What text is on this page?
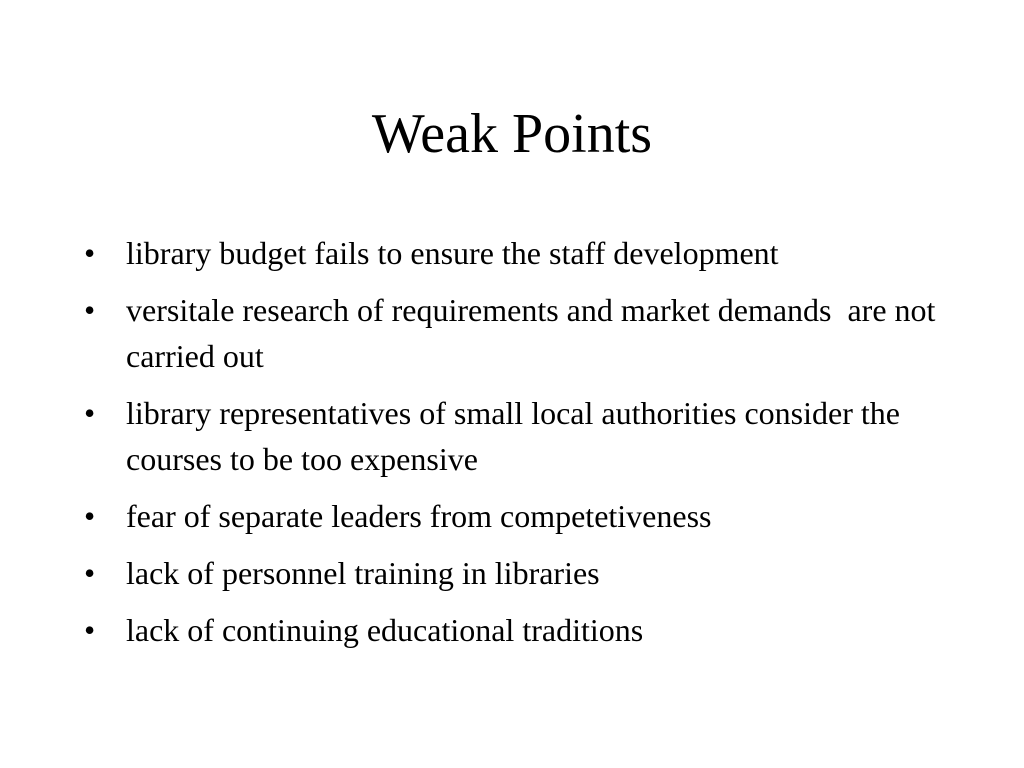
Weak Points
• library budget fails to ensure the staff development
• versitale research of requirements and market demands  are not carried out
• library representatives of small local authorities consider the courses to be too expensive
• fear of separate leaders from competetiveness
• lack of personnel training in libraries
• lack of continuing educational traditions
